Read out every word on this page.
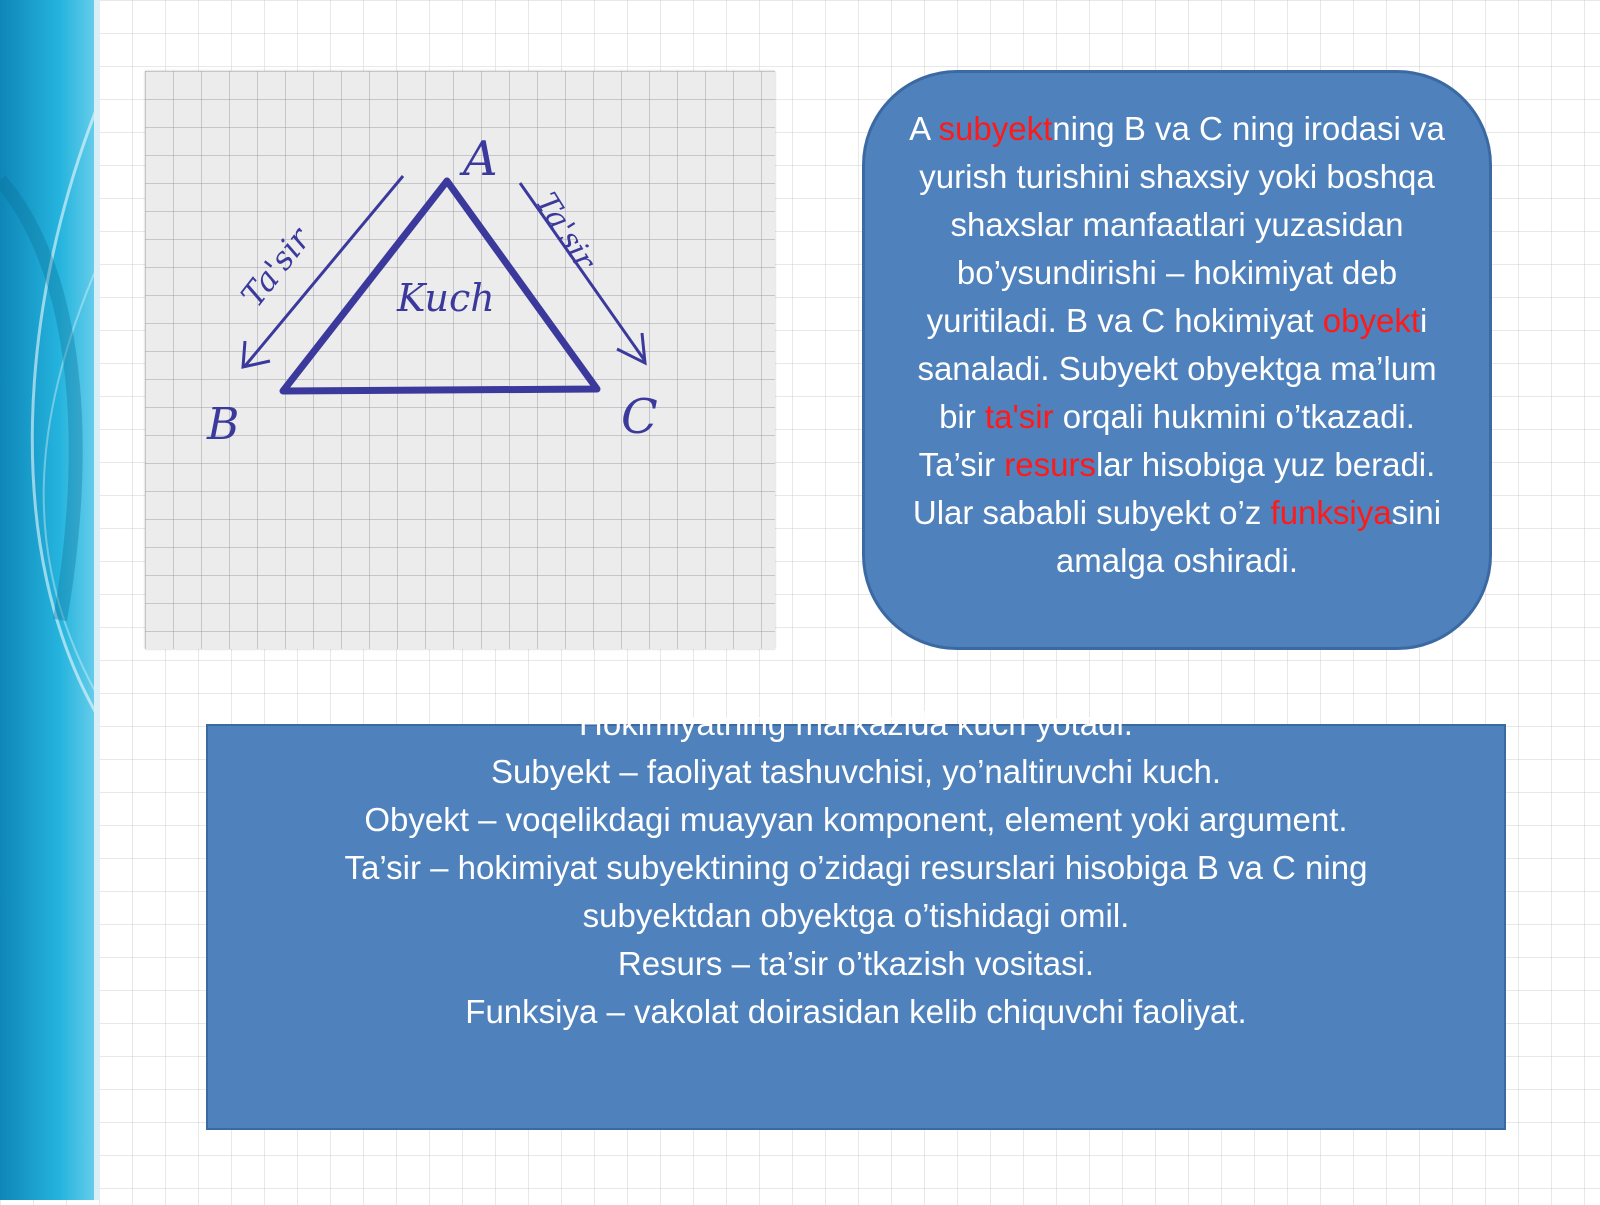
A
B	C
Kuch
Ta'sir	Ta'sir
A subyektning B va C ning irodasi va yurish turishini shaxsiy yoki boshqa shaxslar manfaatlari yuzasidan bo’ysundirishi – hokimiyat deb yuritiladi. B va C hokimiyat obyekti sanaladi. Subyekt obyektga ma’lum bir ta'sir orqali hukmini o’tkazadi. Ta’sir resurslar hisobiga yuz beradi. Ular sababli subyekt o’z funksiyasini amalga oshiradi.
Hokimiyatning markazida kuch yotadi.
Subyekt – faoliyat tashuvchisi, yo’naltiruvchi kuch.
Obyekt – voqelikdagi muayyan komponent, element yoki argument.
Ta’sir – hokimiyat subyektining o’zidagi resurslari hisobiga B va C ning subyektdan obyektga o’tishidagi omil.
Resurs – ta’sir o’tkazish vositasi.
Funksiya – vakolat doirasidan kelib chiquvchi faoliyat.
